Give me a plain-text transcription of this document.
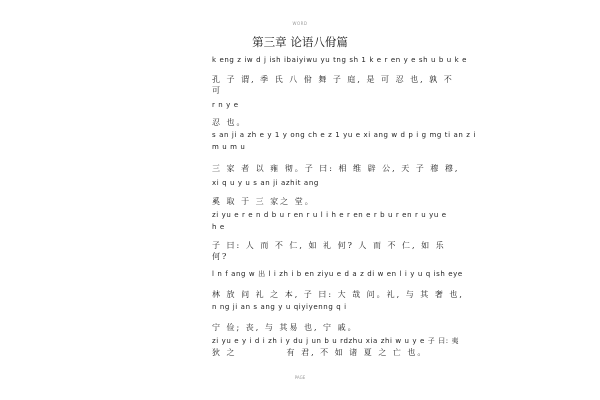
WORD
第三章 论语八佾篇
k eng z iw d j ish ibaiyiwu yu tng sh 1 k e r en y e sh u b u k e
孔 子 谓, 季 氏 八 佾 舞 子 庭, 是 可 忍 也, 孰 不
可
r n y e
忍 也。
s an ji a zh e y 1 y ong ch e z 1 yu e xi ang w d p i g mg ti an z i
m u m u
三 家 者 以 雍 彻。子 曰: 相 维 辟 公, 天 子 穆 穆,
xi q u y u s an ji azhit ang
奚 取 于 三 家之 堂。
zi yu e r e n d b u r en r u l i h e r en e r b u r en r u yu e
h e
子 曰: 人 而 不 仁, 如 礼 何? 人 而 不 仁, 如 乐
何?
l n f ang w 出 l i zh i b en ziyu e d a z di w en l i y u q ish eye
林 放 问 礼 之 本, 子 曰: 大 哉 问。礼, 与 其 奢 也,
n ng ji an s ang y u qiyiyenng q i
宁 俭; 丧, 与 其易 也, 宁 戚。
zi yu e y i d i zh i y du j un b u rdzhu xia zhi w u y e 子 曰: 夷
狄 之	有 君, 不 如 诸 夏 之 亡 也。
PAGE
